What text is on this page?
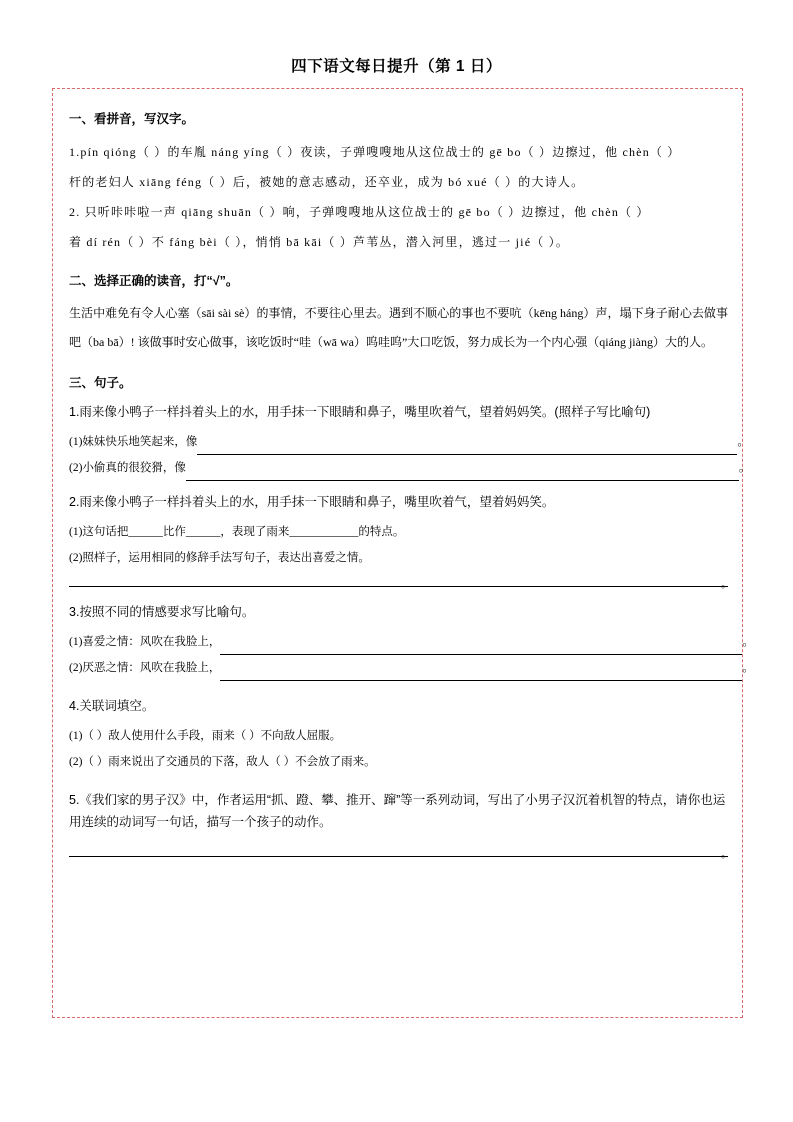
四下语文每日提升（第 1 日）
一、看拼音，写汉字。

1.pín qióng（ ）的车胤 náng yíng（ ）夜读，子弹嗖嗖地从这位战士的 gē bo（ ）边擦过，他 chèn（ ）

杆的老妇人 xiāng féng（ ）后，被她的意志感动，还卒业，成为 bó xué（ ）的大诗人。

2. 只听咔咔啦一声 qiāng shuān（ ）响，子弹嗖嗖地从这位战士的 gē bo（ ）边擦过，他 chèn（ ）

着 dí rén（ ）不 fáng bèi（ ），悄悄 bā kāi（ ）芦苇丛，潜入河里，逃过一 jié（ ）。

二、选择正确的读音，打“√”。

生活中难免有令人心塞（sāi sài sè）的事情，不要往心里去。遇到不顺心的事也不要吭（kēng háng）声，塌下身子耐心去做事吧（ba bā）! 该做事时安心做事，该吃饭时“哇（wā wa）呜哇呜”大口吃饭，努力成长为一个内心强（qiáng jiàng）大的人。

三、句子。
1.雨来像小鸭子一样抖着头上的水，用手抹一下眼睛和鼻子，嘴里吹着气，望着妈妈笑。(照样子写比喻句)
(1)妹妹快乐地笑起来，像	。
(2)小偷真的很狡猾，像	。
2.雨来像小鸭子一样抖着头上的水，用手抹一下眼睛和鼻子，嘴里吹着气，望着妈妈笑。
(1)这句话把______比作______，表现了雨来____________的特点。
(2)照样子，运用相同的修辞手法写句子，表达出喜爱之情。
。
3.按照不同的情感要求写比喻句。
(1)喜爱之情：风吹在我脸上，	。
(2)厌恶之情：风吹在我脸上，	。
4.关联词填空。
(1)（ ）敌人使用什么手段，雨来（ ）不向敌人屈服。
(2)（ ）雨来说出了交通员的下落，敌人（ ）不会放了雨来。
5.《我们家的男子汉》中，作者运用“抓、蹬、攀、推开、蹿”等一系列动词，写出了小男子汉沉着机智的特点，请你也运用连续的动词写一句话，描写一个孩子的动作。
。
